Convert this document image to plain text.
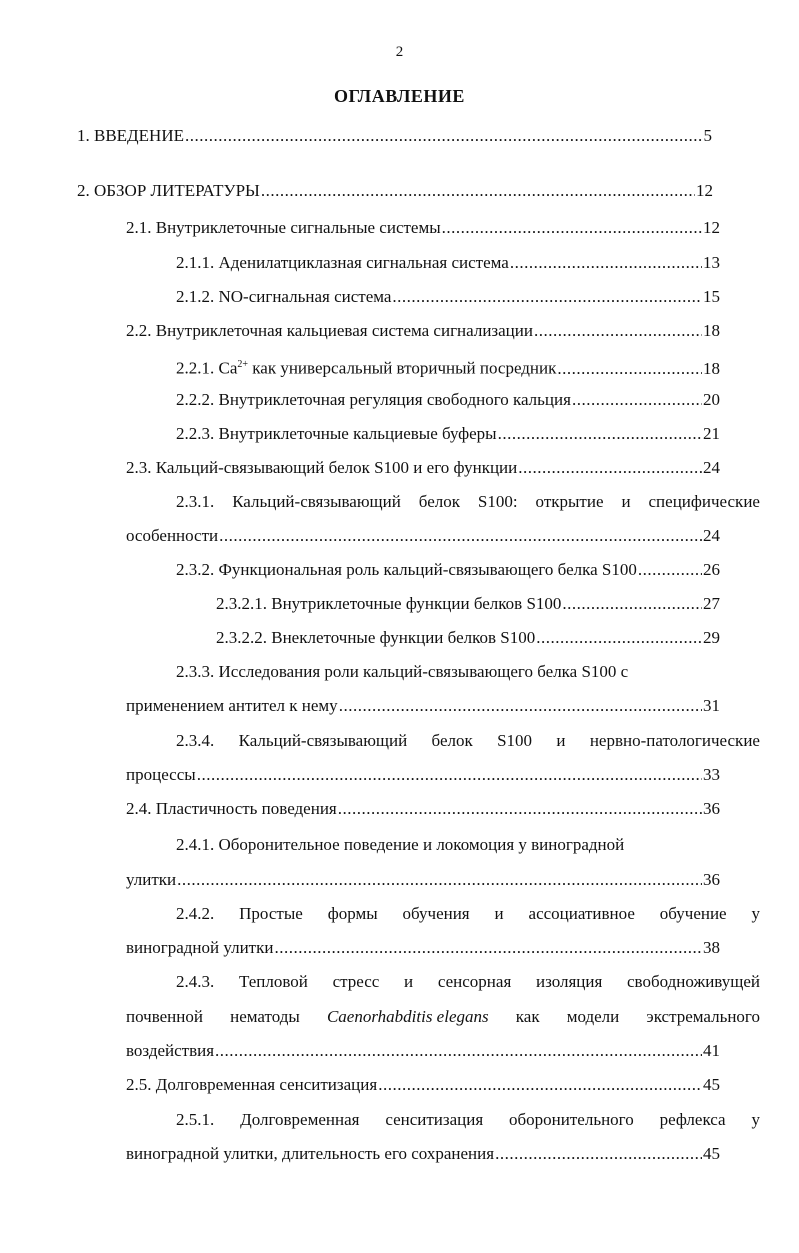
2
ОГЛАВЛЕНИЕ
1. ВВЕДЕНИЕ .....	5
2. ОБЗОР ЛИТЕРАТУРЫ .....	12
2.1. Внутриклеточные сигнальные системы .....	12
2.1.1. Аденилатциклазная сигнальная система .....	13
2.1.2. NO-сигнальная система .....	15
2.2. Внутриклеточная кальциевая система сигнализации .....	18
2.2.1. $Ca^{2+}$ как универсальный вторичный посредник .....	18
2.2.2. Внутриклеточная регуляция свободного кальция .....	20
2.2.3. Внутриклеточные кальциевые буферы .....	21
2.3. Кальций-связывающий белок S100 и его функции .....	24
2.3.1. Кальций-связывающий белок S100: открытие и специфические
особенности .....	24
2.3.2. Функциональная роль кальций-связывающего белка S100 .....	26
2.3.2.1. Внутриклеточные функции белков S100 .....	27
2.3.2.2. Внеклеточные функции белков S100 .....	29
2.3.3. Исследования роли кальций-связывающего белка S100 с
применением антител к нему .....	31
2.3.4. Кальций-связывающий белок S100 и нервно-патологические
процессы .....	33
2.4. Пластичность поведения .....	36
2.4.1. Оборонительное поведение и локомоция у виноградной
улитки .....	36
2.4.2. Простые формы обучения и ассоциативное обучение у
виноградной улитки .....	38
2.4.3. Тепловой стресс и сенсорная изоляция свободноживущей
почвенной нематоды Caenorhabditis elegans как модели экстремального
воздействия .....	41
2.5. Долговременная сенситизация .....	45
2.5.1. Долговременная сенситизация оборонительного рефлекса у
виноградной улитки, длительность его сохранения .....	45
